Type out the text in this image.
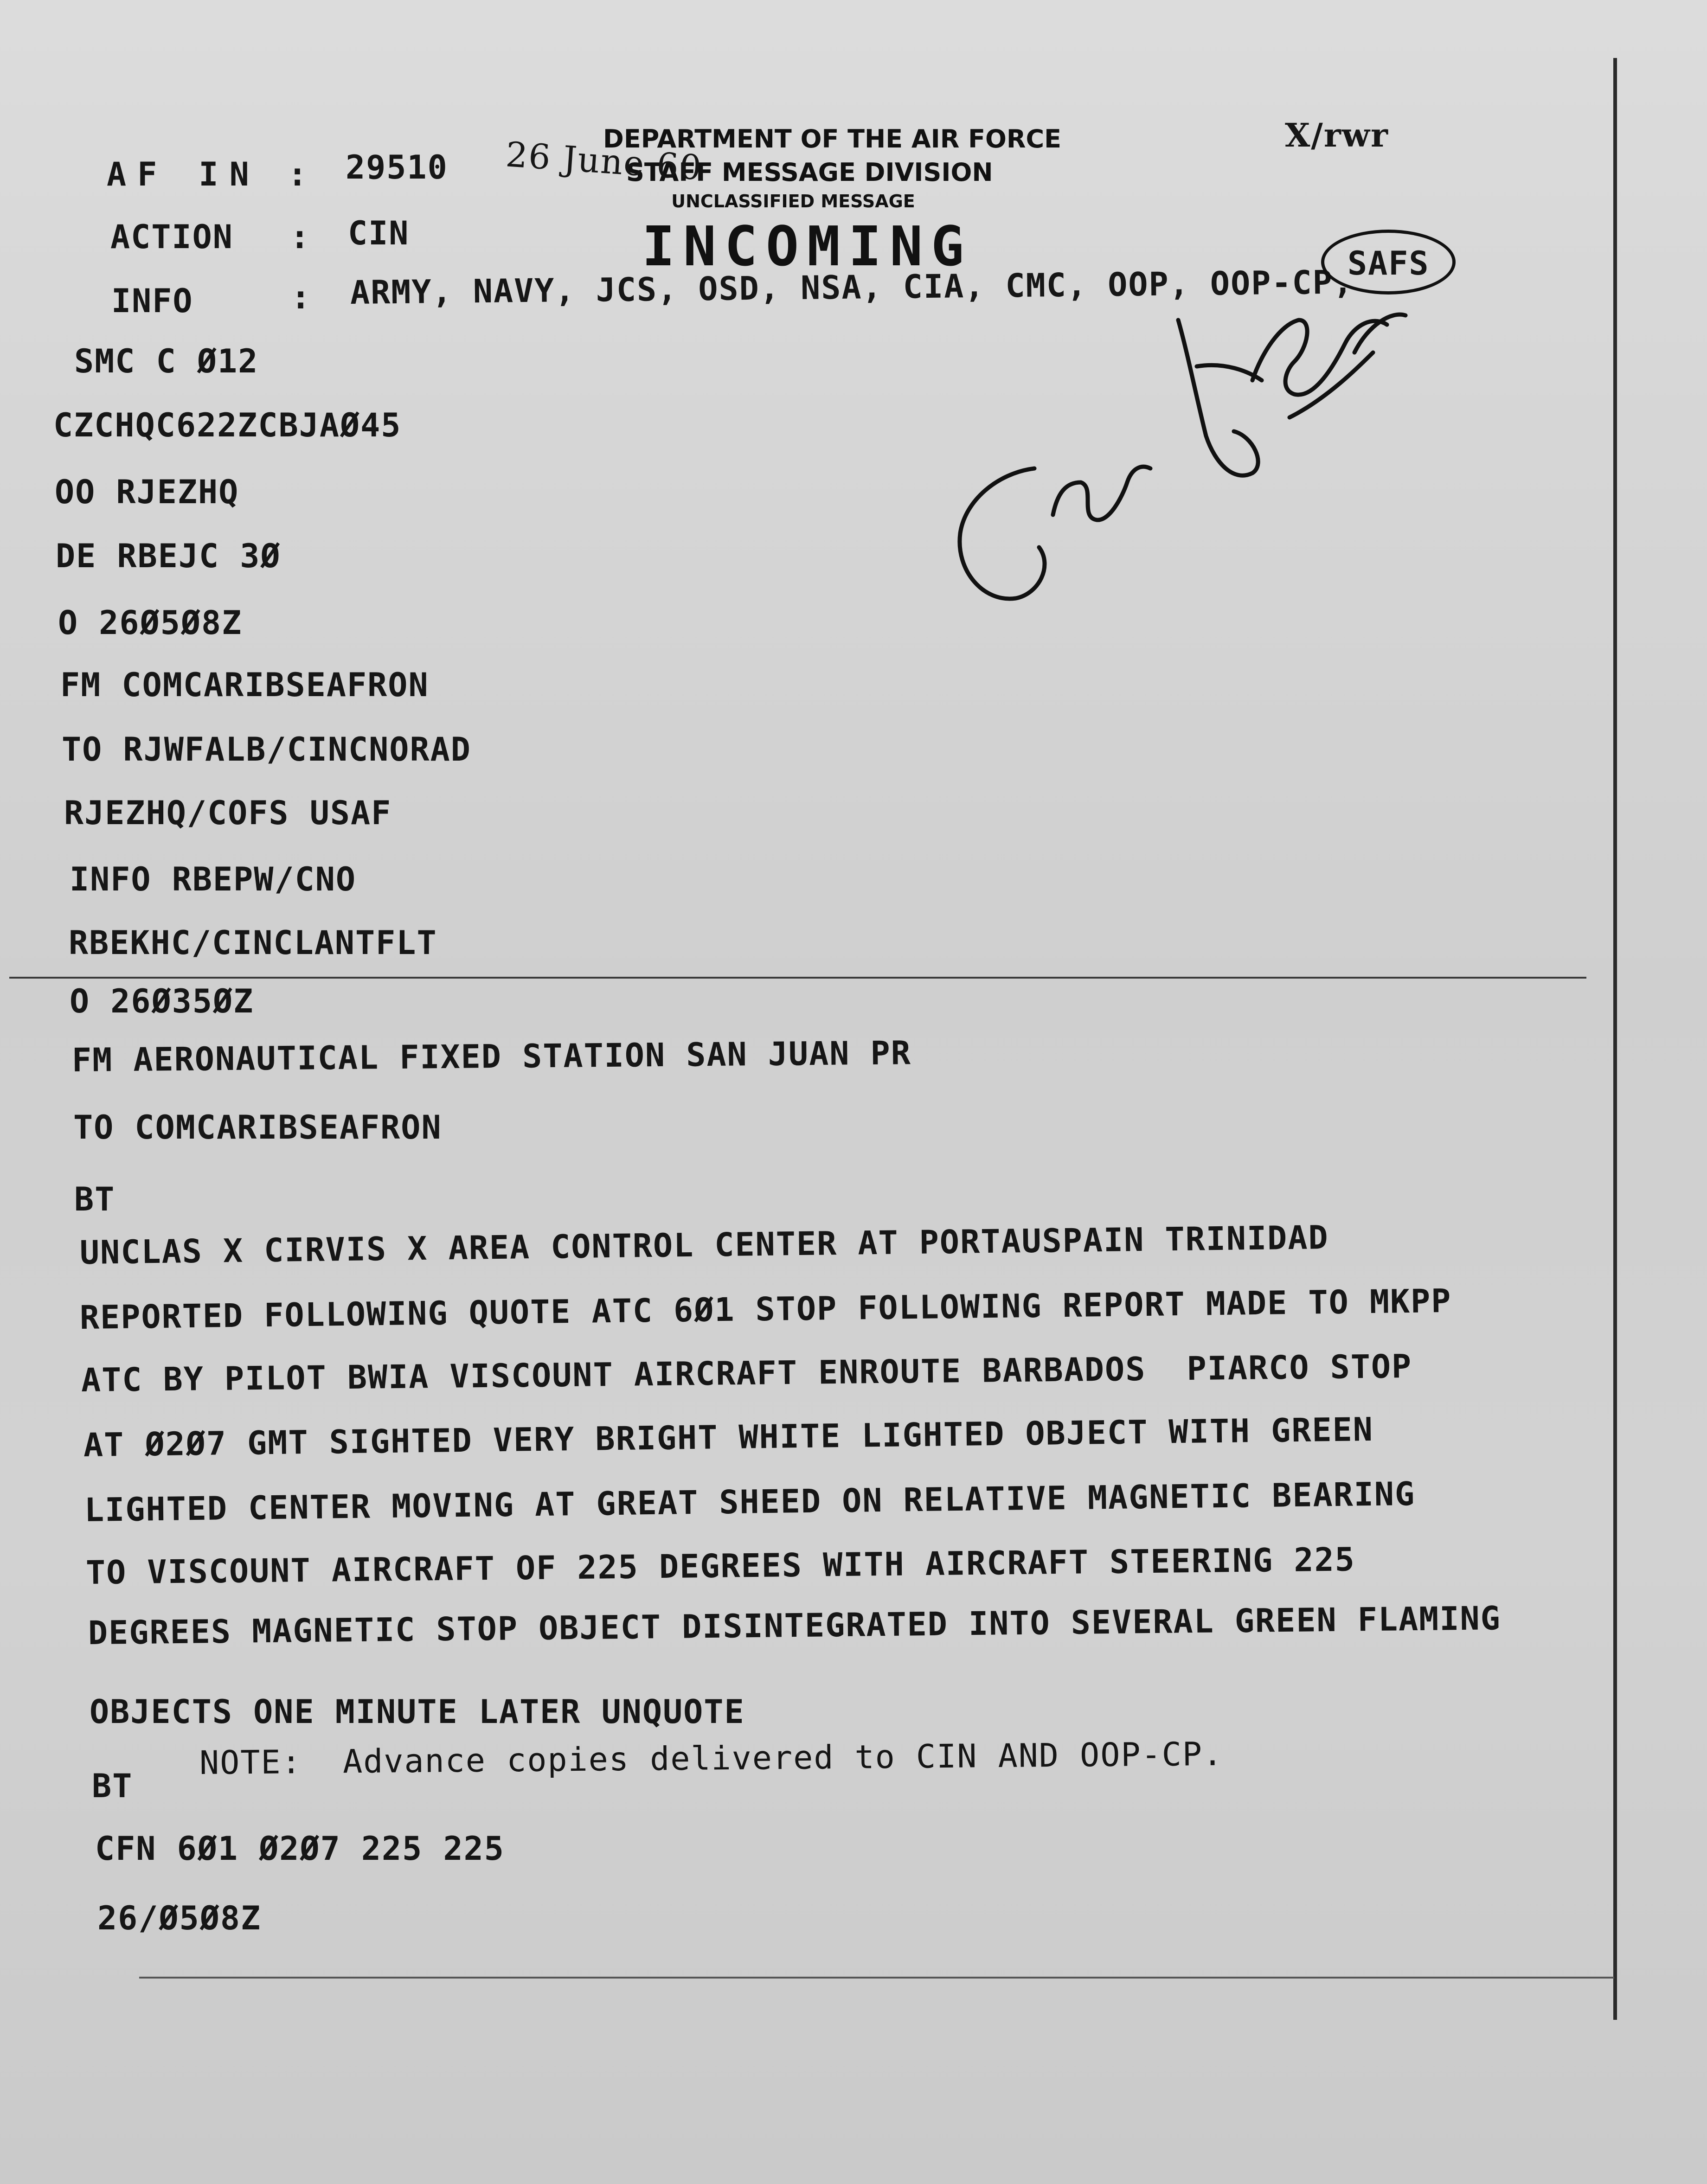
DEPARTMENT OF THE AIR FORCE
STAFF MESSAGE DIVISION
UNCLASSIFIED MESSAGE
INCOMING
AF IN : 29510 26 June 60	X/rwr
ACTION : CIN
INFO	: ARMY, NAVY, JCS, OSD, NSA, CIA, CMC, OOP, OOP-CP,
SAFS
SMC C Ø12
CZCHQC622ZCBJAØ45
OO RJEZHQ
DE RBEJC 3Ø
O 26Ø5Ø8Z
FM COMCARIBSEAFRON
TO RJWFALB/CINCNORAD
RJEZHQ/COFS USAF
INFO RBEPW/CNO
RBEKHC/CINCLANTFLT
O 26Ø35ØZ
FM AERONAUTICAL FIXED STATION SAN JUAN PR
TO COMCARIBSEAFRON
BT
UNCLAS X CIRVIS X AREA CONTROL CENTER AT PORTAUSPAIN TRINIDAD
REPORTED FOLLOWING QUOTE ATC 6Ø1 STOP FOLLOWING REPORT MADE TO MKPP
ATC BY PILOT BWIA VISCOUNT AIRCRAFT ENROUTE BARBADOS  PIARCO STOP
AT Ø2Ø7 GMT SIGHTED VERY BRIGHT WHITE LIGHTED OBJECT WITH GREEN
LIGHTED CENTER MOVING AT GREAT SHEED ON RELATIVE MAGNETIC BEARING
TO VISCOUNT AIRCRAFT OF 225 DEGREES WITH AIRCRAFT STEERING 225
DEGREES MAGNETIC STOP OBJECT DISINTEGRATED INTO SEVERAL GREEN FLAMING
OBJECTS ONE MINUTE LATER UNQUOTE
BT
NOTE:  Advance copies delivered to CIN AND OOP-CP.
CFN 6Ø1 Ø2Ø7 225 225
26/Ø5Ø8Z
